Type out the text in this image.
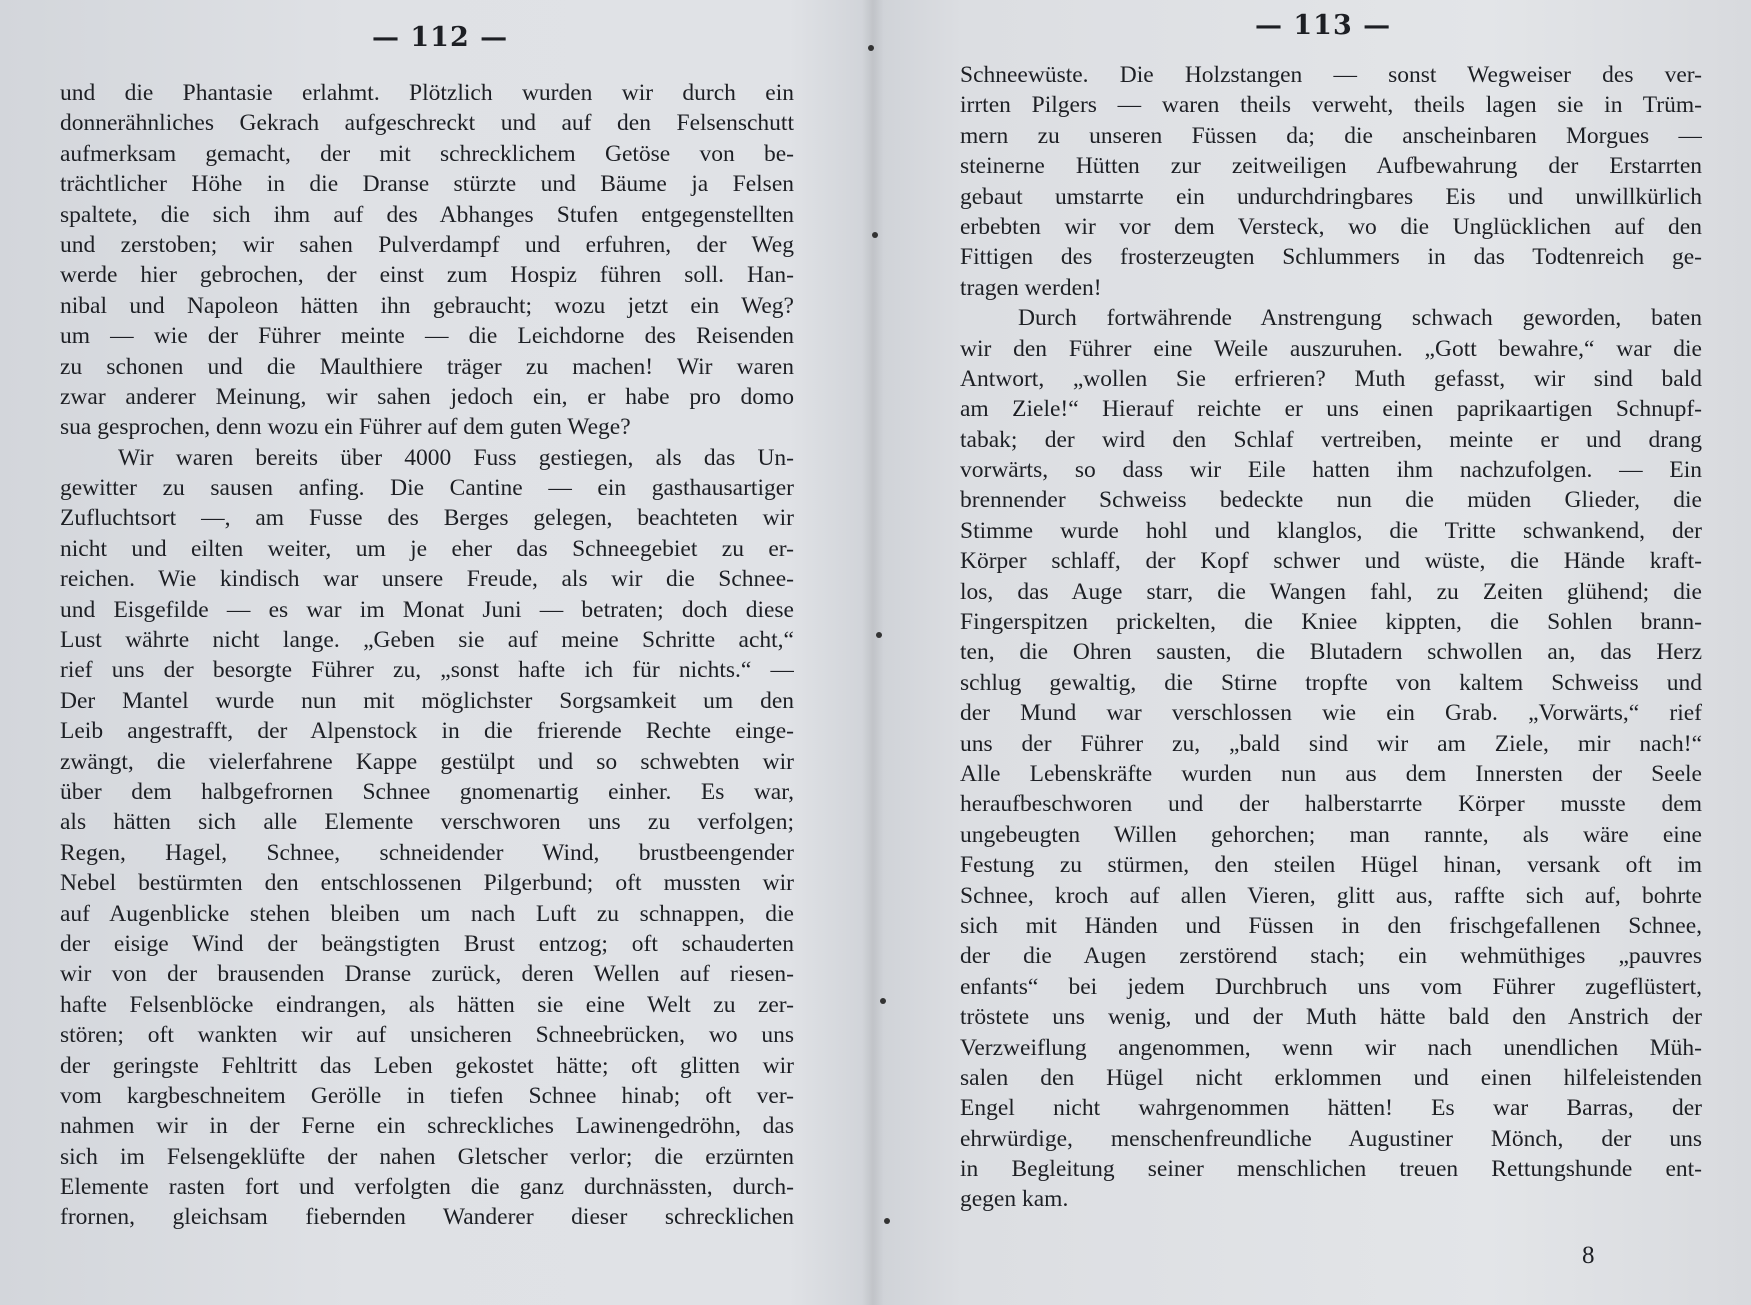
— 112 —
und die Phantasie erlahmt. Plötzlich wurden wir durch ein
donnerähnliches Gekrach aufgeschreckt und auf den Felsenschutt
aufmerksam gemacht, der mit schrecklichem Getöse von be-
trächtlicher Höhe in die Dranse stürzte und Bäume ja Felsen
spaltete, die sich ihm auf des Abhanges Stufen entgegenstellten
und zerstoben; wir sahen Pulverdampf und erfuhren, der Weg
werde hier gebrochen, der einst zum Hospiz führen soll. Han-
nibal und Napoleon hätten ihn gebraucht; wozu jetzt ein Weg?
um — wie der Führer meinte — die Leichdorne des Reisenden
zu schonen und die Maulthiere träger zu machen! Wir waren
zwar anderer Meinung, wir sahen jedoch ein, er habe pro domo
sua gesprochen, denn wozu ein Führer auf dem guten Wege?
Wir waren bereits über 4000 Fuss gestiegen, als das Un-
gewitter zu sausen anfing. Die Cantine — ein gasthausartiger
Zufluchtsort —, am Fusse des Berges gelegen, beachteten wir
nicht und eilten weiter, um je eher das Schneegebiet zu er-
reichen. Wie kindisch war unsere Freude, als wir die Schnee-
und Eisgefilde — es war im Monat Juni — betraten; doch diese
Lust währte nicht lange. „Geben sie auf meine Schritte acht,“
rief uns der besorgte Führer zu, „sonst hafte ich für nichts.“ —
Der Mantel wurde nun mit möglichster Sorgsamkeit um den
Leib angestrafft, der Alpenstock in die frierende Rechte einge-
zwängt, die vielerfahrene Kappe gestülpt und so schwebten wir
über dem halbgefrornen Schnee gnomenartig einher. Es war,
als hätten sich alle Elemente verschworen uns zu verfolgen;
Regen, Hagel, Schnee, schneidender Wind, brustbeengender
Nebel bestürmten den entschlossenen Pilgerbund; oft mussten wir
auf Augenblicke stehen bleiben um nach Luft zu schnappen, die
der eisige Wind der beängstigten Brust entzog; oft schauderten
wir von der brausenden Dranse zurück, deren Wellen auf riesen-
hafte Felsenblöcke eindrangen, als hätten sie eine Welt zu zer-
stören; oft wankten wir auf unsicheren Schneebrücken, wo uns
der geringste Fehltritt das Leben gekostet hätte; oft glitten wir
vom kargbeschneitem Gerölle in tiefen Schnee hinab; oft ver-
nahmen wir in der Ferne ein schreckliches Lawinengedröhn, das
sich im Felsengeklüfte der nahen Gletscher verlor; die erzürnten
Elemente rasten fort und verfolgten die ganz durchnässten, durch-
frornen, gleichsam fiebernden Wanderer dieser schrecklichen
— 113 —
Schneewüste. Die Holzstangen — sonst Wegweiser des ver-
irrten Pilgers — waren theils verweht, theils lagen sie in Trüm-
mern zu unseren Füssen da; die anscheinbaren Morgues —
steinerne Hütten zur zeitweiligen Aufbewahrung der Erstarrten
gebaut umstarrte ein undurchdringbares Eis und unwillkürlich
erbebten wir vor dem Versteck, wo die Unglücklichen auf den
Fittigen des frosterzeugten Schlummers in das Todtenreich ge-
tragen werden!
Durch fortwährende Anstrengung schwach geworden, baten
wir den Führer eine Weile auszuruhen. „Gott bewahre,“ war die
Antwort, „wollen Sie erfrieren? Muth gefasst, wir sind bald
am Ziele!“ Hierauf reichte er uns einen paprikaartigen Schnupf-
tabak; der wird den Schlaf vertreiben, meinte er und drang
vorwärts, so dass wir Eile hatten ihm nachzufolgen. — Ein
brennender Schweiss bedeckte nun die müden Glieder, die
Stimme wurde hohl und klanglos, die Tritte schwankend, der
Körper schlaff, der Kopf schwer und wüste, die Hände kraft-
los, das Auge starr, die Wangen fahl, zu Zeiten glühend; die
Fingerspitzen prickelten, die Kniee kippten, die Sohlen brann-
ten, die Ohren sausten, die Blutadern schwollen an, das Herz
schlug gewaltig, die Stirne tropfte von kaltem Schweiss und
der Mund war verschlossen wie ein Grab. „Vorwärts,“ rief
uns der Führer zu, „bald sind wir am Ziele, mir nach!“
Alle Lebenskräfte wurden nun aus dem Innersten der Seele
heraufbeschworen und der halberstarrte Körper musste dem
ungebeugten Willen gehorchen; man rannte, als wäre eine
Festung zu stürmen, den steilen Hügel hinan, versank oft im
Schnee, kroch auf allen Vieren, glitt aus, raffte sich auf, bohrte
sich mit Händen und Füssen in den frischgefallenen Schnee,
der die Augen zerstörend stach; ein wehmüthiges „pauvres
enfants“ bei jedem Durchbruch uns vom Führer zugeflüstert,
tröstete uns wenig, und der Muth hätte bald den Anstrich der
Verzweiflung angenommen, wenn wir nach unendlichen Müh-
salen den Hügel nicht erklommen und einen hilfeleistenden
Engel nicht wahrgenommen hätten! Es war Barras, der
ehrwürdige, menschenfreundliche Augustiner Mönch, der uns
in Begleitung seiner menschlichen treuen Rettungshunde ent-
gegen kam.
8
